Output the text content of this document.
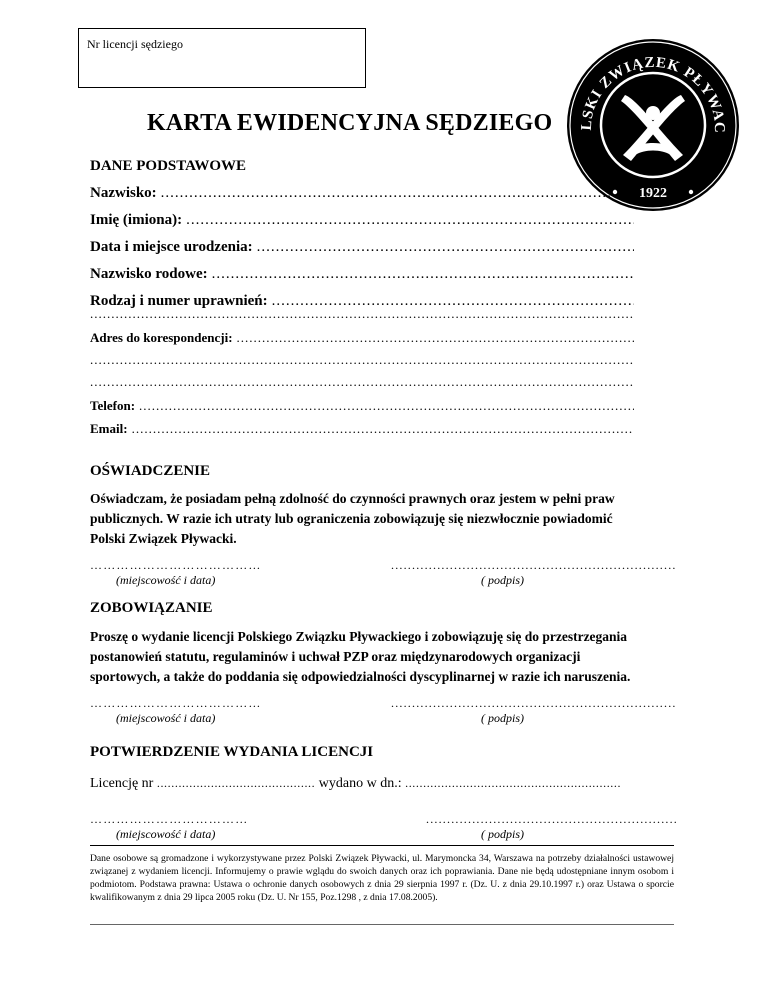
Nr licencji sędziego
LSKI ZWIĄZEK PŁYWAC
1922
KARTA EWIDENCYJNA SĘDZIEGO
DANE PODSTAWOWE
Nazwisko:
.....
Imię (imiona):
.....
Data i miejsce urodzenia:
.....
Nazwisko rodowe:
.....
Rodzaj i numer uprawnień:
.....
.....
Adres do korespondencji:
.....
.....
.....
Telefon:
.....
Email:
.....
OŚWIADCZENIE
Oświadczam, że posiadam pełną zdolność do czynności prawnych oraz jestem w pełni praw publicznych. W razie ich utraty lub ograniczenia zobowiązuję się niezwłocznie powiadomić Polski Związek Pływacki.
…………………………………
(miejscowość i data)
....................................................................
( podpis)
ZOBOWIĄZANIE
Proszę o wydanie licencji Polskiego Związku Pływackiego i zobowiązuję się do przestrzegania postanowień statutu, regulaminów i uchwał PZP oraz międzynarodowych organizacji sportowych, a także do poddania się odpowiedzialności dyscyplinarnej w razie ich naruszenia.
…………………………………
(miejscowość i data)
....................................................................
( podpis)
POTWIERDZENIE WYDANIA LICENCJI
Licencję nr ............................................ wydano w dn.: ............................................................
………………………………
(miejscowość i data)
............................................................
( podpis)
Dane osobowe są gromadzone i wykorzystywane przez Polski Związek Pływacki, ul. Marymoncka 34, Warszawa na potrzeby działalności ustawowej związanej z wydaniem licencji. Informujemy o prawie wglądu do swoich danych oraz ich poprawiania. Dane nie będą udostępniane innym osobom i podmiotom. Podstawa prawna: Ustawa o ochronie danych osobowych z dnia 29 sierpnia 1997 r. (Dz. U. z dnia 29.10.1997 r.) oraz Ustawa o sporcie kwalifikowanym z dnia 29 lipca 2005 roku (Dz. U. Nr 155, Poz.1298 , z dnia 17.08.2005).
